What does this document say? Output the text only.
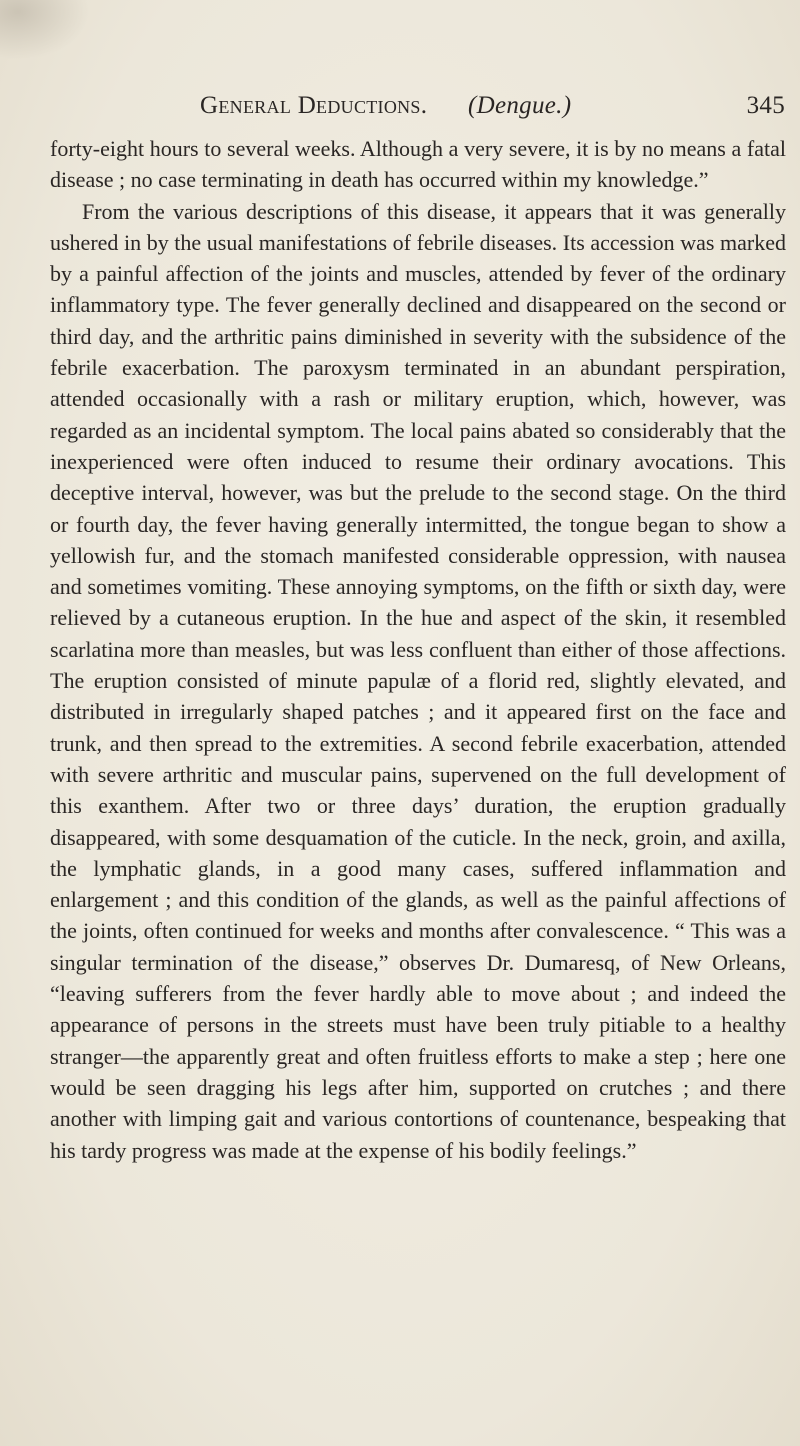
General Deductions. (Dengue.)	345

forty-eight hours to several weeks. Although a very severe, it is by no means a fatal disease ; no case terminating in death has occurred within my knowledge.”

From the various descriptions of this disease, it appears that it was generally ushered in by the usual manifestations of febrile diseases. Its accession was marked by a painful affection of the joints and muscles, attended by fever of the ordinary inflammatory type. The fever generally declined and disappeared on the second or third day, and the arthritic pains diminished in severity with the subsidence of the febrile exacerbation. The paroxysm terminated in an abundant perspiration, attended occasionally with a rash or military eruption, which, however, was regarded as an incidental symptom. The local pains abated so considerably that the inexperienced were often induced to resume their ordinary avocations. This deceptive interval, however, was but the prelude to the second stage. On the third or fourth day, the fever having generally intermitted, the tongue began to show a yellowish fur, and the stomach manifested considerable oppression, with nausea and sometimes vomiting. These annoying symptoms, on the fifth or sixth day, were relieved by a cutaneous eruption. In the hue and aspect of the skin, it resembled scarlatina more than measles, but was less confluent than either of those affections. The eruption consisted of minute papulæ of a florid red, slightly elevated, and distributed in irregularly shaped patches ; and it appeared first on the face and trunk, and then spread to the extremities. A second febrile exacerbation, attended with severe arthritic and muscular pains, supervened on the full development of this exanthem. After two or three days’ duration, the eruption gradually disappeared, with some desquamation of the cuticle. In the neck, groin, and axilla, the lymphatic glands, in a good many cases, suffered inflammation and enlargement ; and this condition of the glands, as well as the painful affections of the joints, often continued for weeks and months after convalescence. “ This was a singular termination of the disease,” observes Dr. Dumaresq, of New Orleans, “leaving sufferers from the fever hardly able to move about ; and indeed the appearance of persons in the streets must have been truly pitiable to a healthy stranger—the apparently great and often fruitless efforts to make a step ; here one would be seen dragging his legs after him, supported on crutches ; and there another with limping gait and various contortions of countenance, bespeaking that his tardy progress was made at the expense of his bodily feelings.”
